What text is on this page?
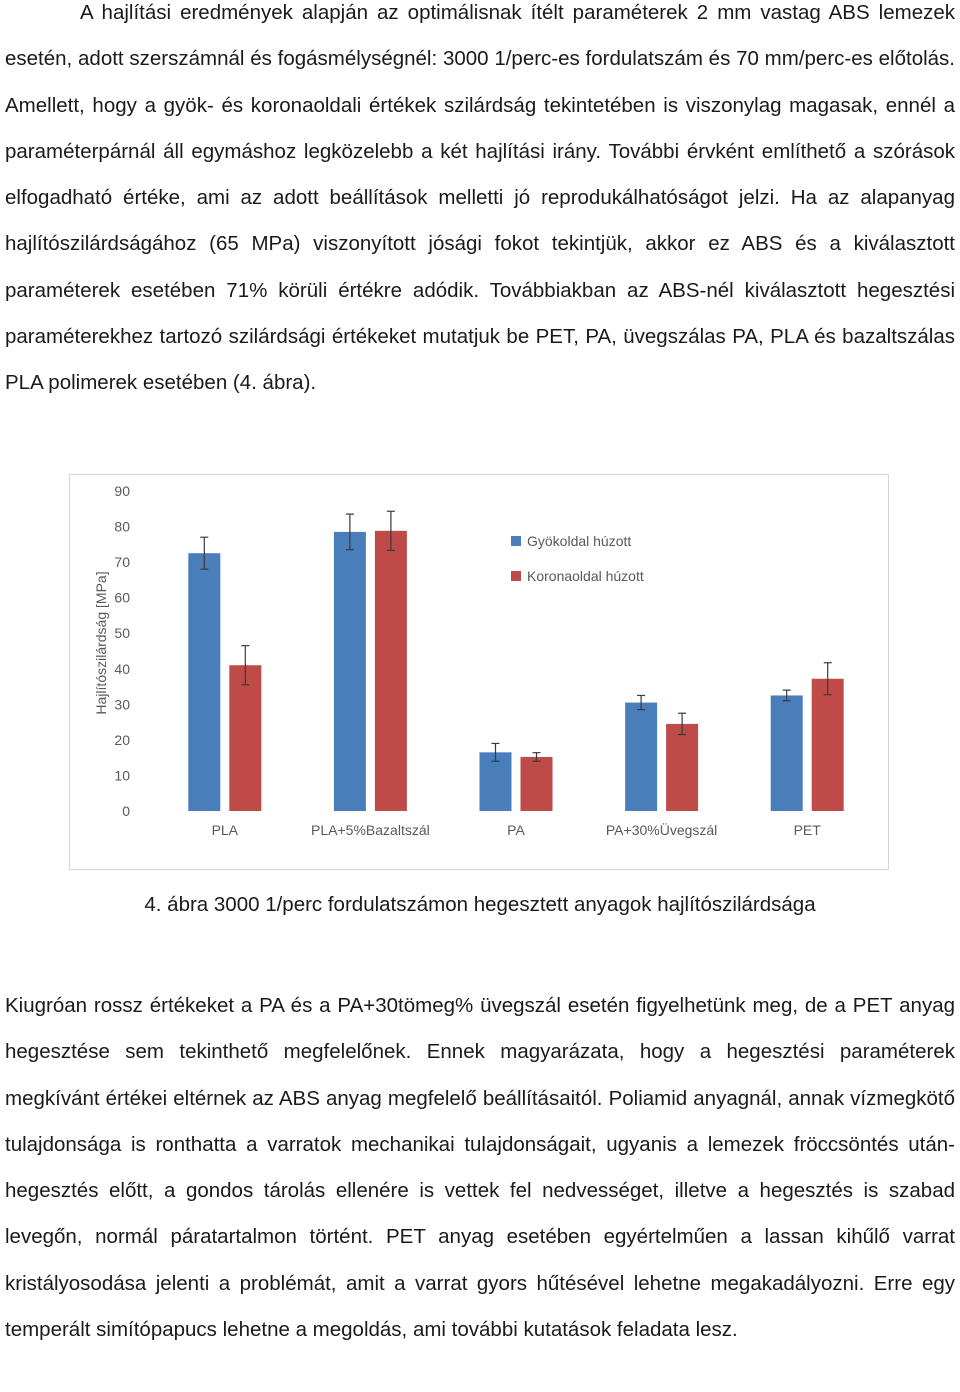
A hajlítási eredmények alapján az optimálisnak ítélt paraméterek 2 mm vastag ABS lemezek esetén, adott szerszámnál és fogásmélységnél: 3000 1/perc-es fordulatszám és 70 mm/perc-es előtolás. Amellett, hogy a gyök- és koronaoldali értékek szilárdság tekintetében is viszonylag magasak, ennél a paraméterpárnál áll egymáshoz legközelebb a két hajlítási irány. További érvként említhető a szórások elfogadható értéke, ami az adott beállítások melletti jó reprodukálhatóságot jelzi. Ha az alapanyag hajlítószilárdságához (65 MPa) viszonyított jósági fokot tekintjük, akkor ez ABS és a kiválasztott paraméterek esetében 71% körüli értékre adódik. Továbbiakban az ABS-nél kiválasztott hegesztési paraméterekhez tartozó szilárdsági értékeket mutatjuk be PET, PA, üvegszálas PA, PLA és bazaltszálas PLA polimerek esetében (4. ábra).

Hajlítószilárdság [MPa]
0
10
20
30
40
50
60
70
80
90
PLA	PLA+5%Bazaltszál	PA	PA+30%Üvegszál	PET
Gyökoldal húzott
Koronaoldal húzott
4. ábra 3000 1/perc fordulatszámon hegesztett anyagok hajlítószilárdsága

Kiugróan rossz értékeket a PA és a PA+30tömeg% üvegszál esetén figyelhetünk meg, de a PET anyag hegesztése sem tekinthető megfelelőnek. Ennek magyarázata, hogy a hegesztési paraméterek megkívánt értékei eltérnek az ABS anyag megfelelő beállításaitól. Poliamid anyagnál, annak vízmegkötő tulajdonsága is ronthatta a varratok mechanikai tulajdonságait, ugyanis a lemezek fröccsöntés után-hegesztés előtt, a gondos tárolás ellenére is vettek fel nedvességet, illetve a hegesztés is szabad levegőn, normál páratartalmon történt. PET anyag esetében egyértelműen a lassan kihűlő varrat kristályosodása jelenti a problémát, amit a varrat gyors hűtésével lehetne megakadályozni. Erre egy temperált simítópapucs lehetne a megoldás, ami további kutatások feladata lesz.
